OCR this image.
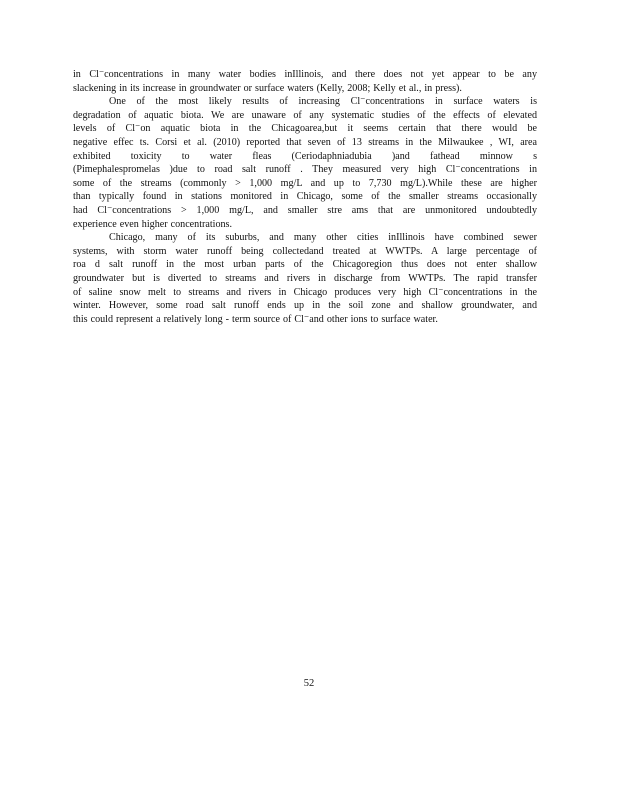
in Cl⁻concentrations in many water bodies inIllinois, and there does not yet appear to be any
slackening in its increase in groundwater or surface waters (Kelly, 2008; Kelly et al., in press).
One of the most likely results of increasing Cl⁻concentrations in surface waters is
degradation of aquatic biota. We are unaware of any systematic studies of the effects of elevated
levels of Cl⁻on aquatic biota in the Chicagoarea,but it seems certain that there would be
negative effec ts. Corsi et al. (2010) reported that seven of 13 streams in the Milwaukee , WI, area
exhibited toxicity to water fleas (Ceriodaphniadubia )and fathead minnow s
(Pimephalespromelas )due to road salt runoff . They measured very high Cl⁻concentrations in
some of the streams (commonly > 1,000 mg/L and up to 7,730 mg/L).While these are higher
than typically found in stations monitored in Chicago, some of the smaller streams occasionally
had Cl⁻concentrations > 1,000 mg/L, and smaller stre ams that are unmonitored undoubtedly
experience even higher concentrations.
Chicago, many of its suburbs, and many other cities inIllinois have combined sewer
systems, with storm water runoff being collectedand treated at WWTPs. A large percentage of
roa d salt runoff in the most urban parts of the Chicagoregion thus does not enter shallow
groundwater but is diverted to streams and rivers in discharge from WWTPs. The rapid transfer
of saline snow melt to streams and rivers in Chicago produces very high Cl⁻concentrations in the
winter. However, some road salt runoff ends up in the soil zone and shallow groundwater, and
this could represent a relatively long - term source of Cl⁻and other ions to surface water.
52
